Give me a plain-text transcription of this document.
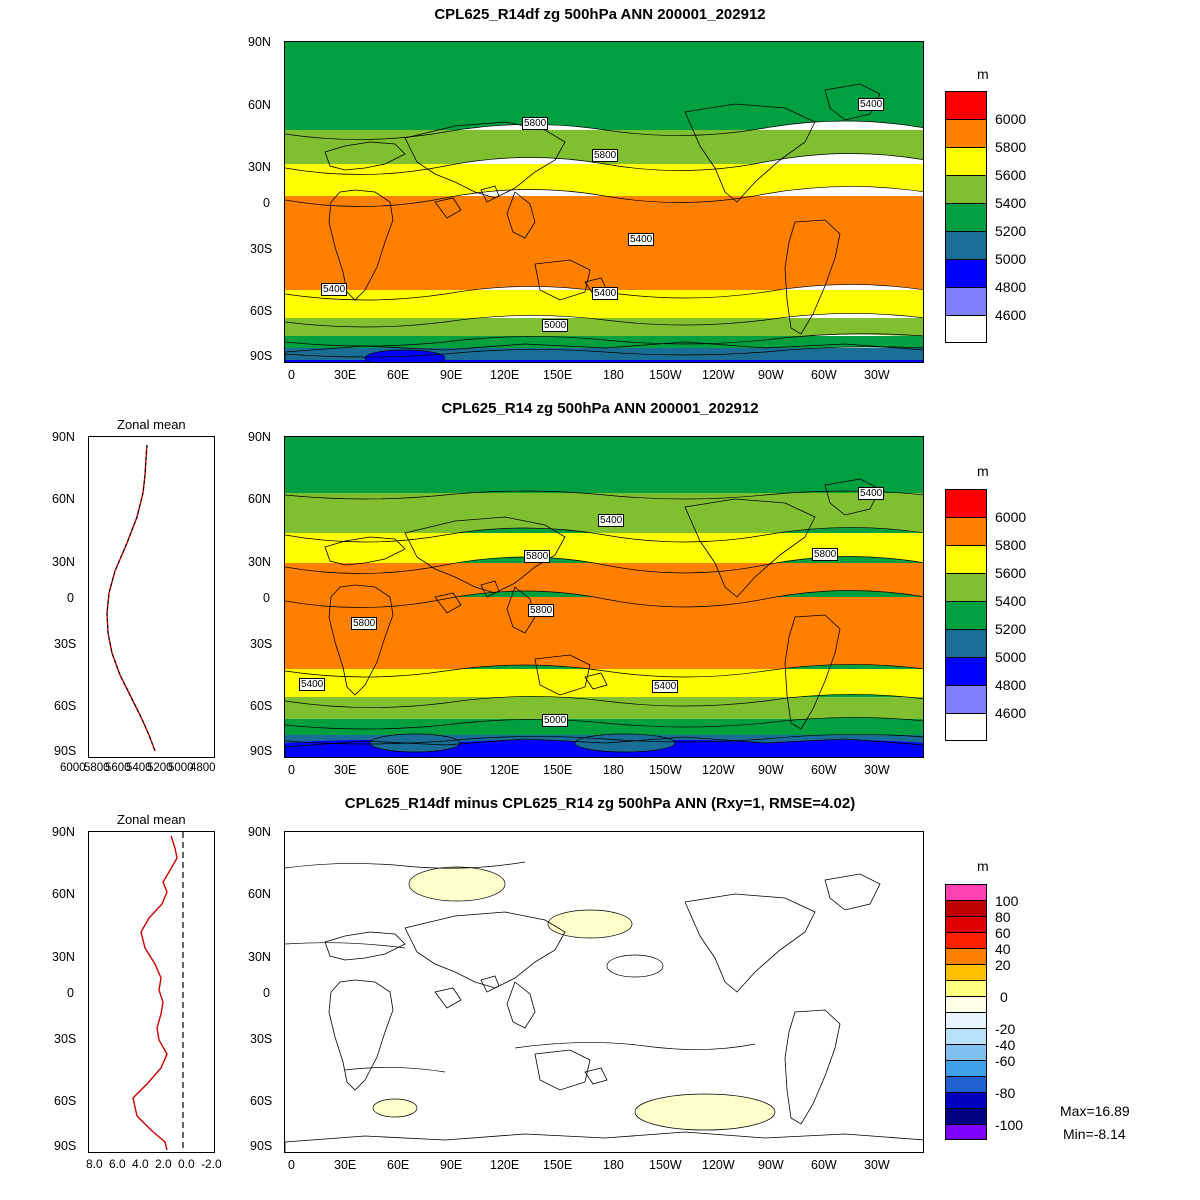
CPL625_R14df zg 500hPa ANN 200001_202912
5400
5800
5800
5400
5400	5400
5000
90N
60N
30N
0
30S
60S
90S
0	30E 60E 90E 120E 150E 180 150W 120W 90W 60W 30W
m
6000
5800
5600
5400
5200
5000
4800
4600
CPL625_R14 zg 500hPa ANN 200001_202912
Zonal mean
90N
60N
30N
0
30S
60S
90S
6000
5800
5600
5400
5200
5000
4800
5400
5400
5800	5800
5800
5800
5400	5400
5000
90N
60N
30N
0
30S
60S
90S
0	30E 60E 90E 120E 150E 180 150W 120W 90W 60W 30W
m
6000
5800
5600
5400
5200
5000
4800
4600
CPL625_R14df minus CPL625_R14 zg 500hPa ANN (Rxy=1, RMSE=4.02)
Zonal mean
90N
60N
30N
0
30S
60S
90S
8.0 6.0 4.0 2.0 0.0 -2.0
90N
60N
30N
0
30S
60S
90S
0	30E 60E 90E 120E 150E 180 150W 120W 90W 60W 30W
m
100
80
60
40
20
0
-20
-40
-60
-80
-100
Max=16.89
Min=-8.14
